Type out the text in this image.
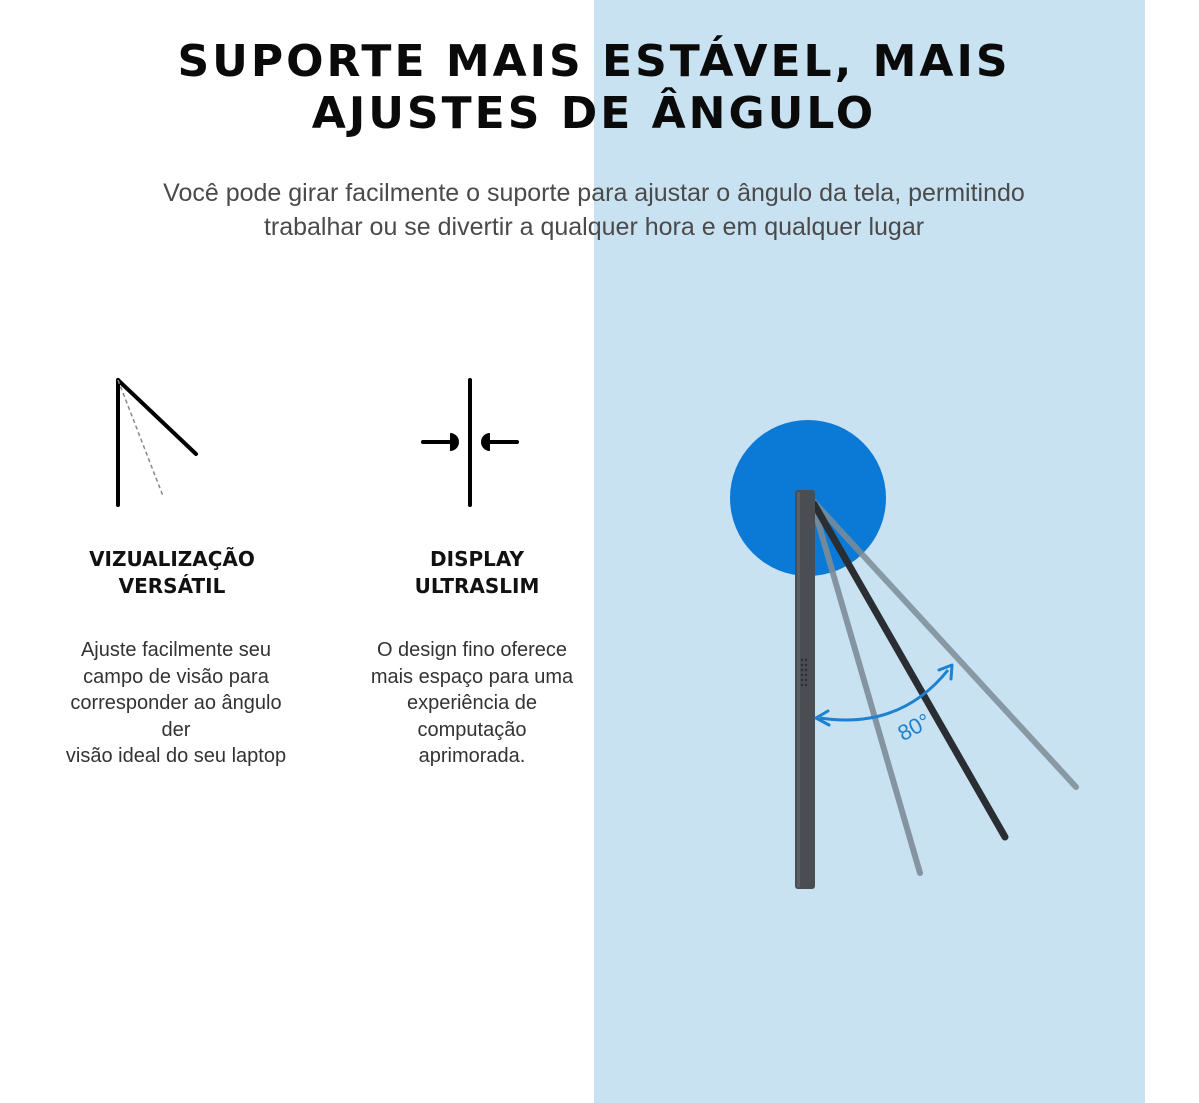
SUPORTE MAIS ESTÁVEL, MAIS
AJUSTES DE ÂNGULO

Você pode girar facilmente o suporte para ajustar o ângulo da tela, permitindo
trabalhar ou se divertir a qualquer hora e em qualquer lugar

VIZUALIZAÇÃO
VERSÁTIL

Ajuste facilmente seu
campo de visão para
corresponder ao ângulo
der
visão ideal do seu laptop

DISPLAY
ULTRASLIM

O design fino oferece
mais espaço para uma
experiência de
computação
aprimorada.

80°
